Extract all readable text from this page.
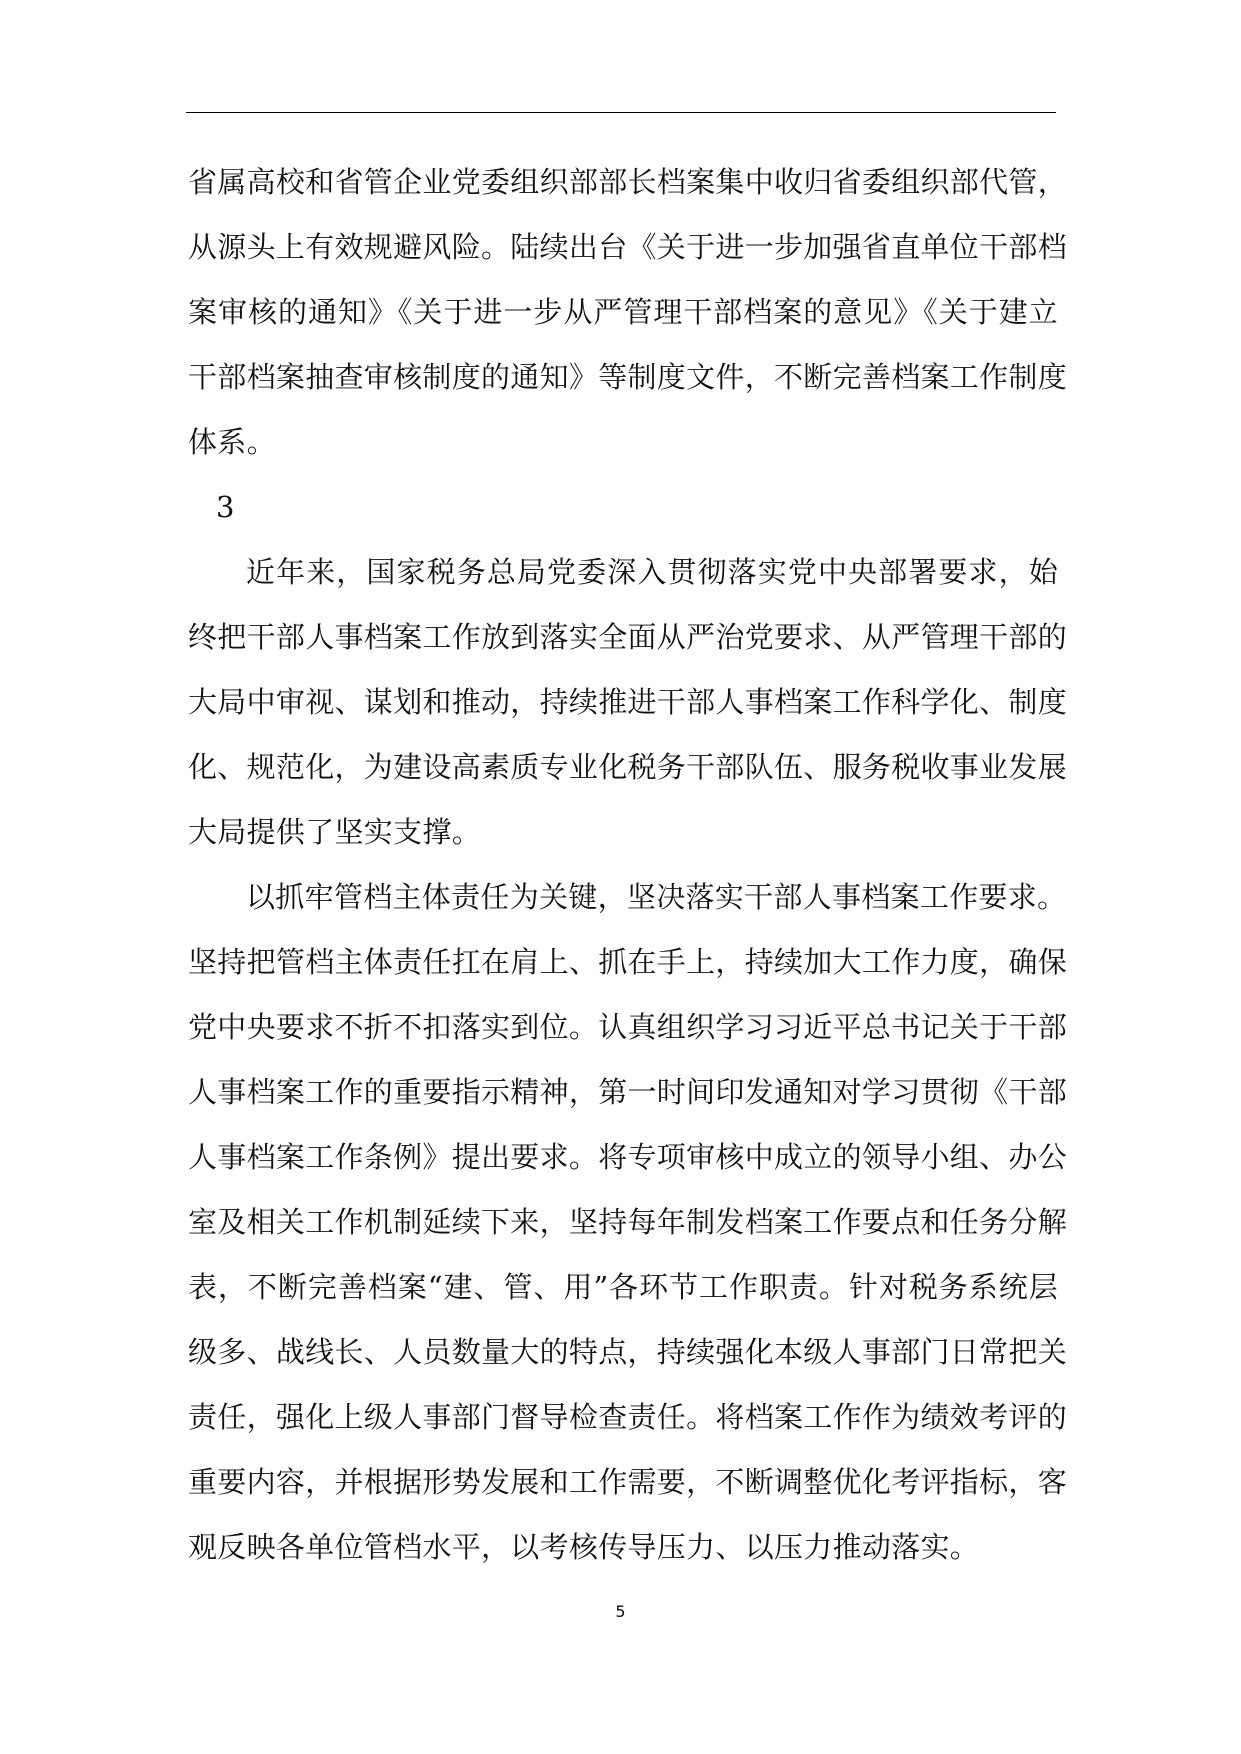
省属高校和省管企业党委组织部部长档案集中收归省委组织部代管，
从源头上有效规避风险。陆续出台《关于进一步加强省直单位干部档
案审核的通知》《关于进一步从严管理干部档案的意见》《关于建立
干部档案抽查审核制度的通知》等制度文件，不断完善档案工作制度
体系。
3
近年来，国家税务总局党委深入贯彻落实党中央部署要求，始
终把干部人事档案工作放到落实全面从严治党要求、从严管理干部的
大局中审视、谋划和推动，持续推进干部人事档案工作科学化、制度
化、规范化，为建设高素质专业化税务干部队伍、服务税收事业发展
大局提供了坚实支撑。
以抓牢管档主体责任为关键，坚决落实干部人事档案工作要求。
坚持把管档主体责任扛在肩上、抓在手上，持续加大工作力度，确保
党中央要求不折不扣落实到位。认真组织学习习近平总书记关于干部
人事档案工作的重要指示精神，第一时间印发通知对学习贯彻《干部
人事档案工作条例》提出要求。将专项审核中成立的领导小组、办公
室及相关工作机制延续下来，坚持每年制发档案工作要点和任务分解
表，不断完善档案“建、管、用”各环节工作职责。针对税务系统层
级多、战线长、人员数量大的特点，持续强化本级人事部门日常把关
责任，强化上级人事部门督导检查责任。将档案工作作为绩效考评的
重要内容，并根据形势发展和工作需要，不断调整优化考评指标，客
观反映各单位管档水平，以考核传导压力、以压力推动落实。
5
